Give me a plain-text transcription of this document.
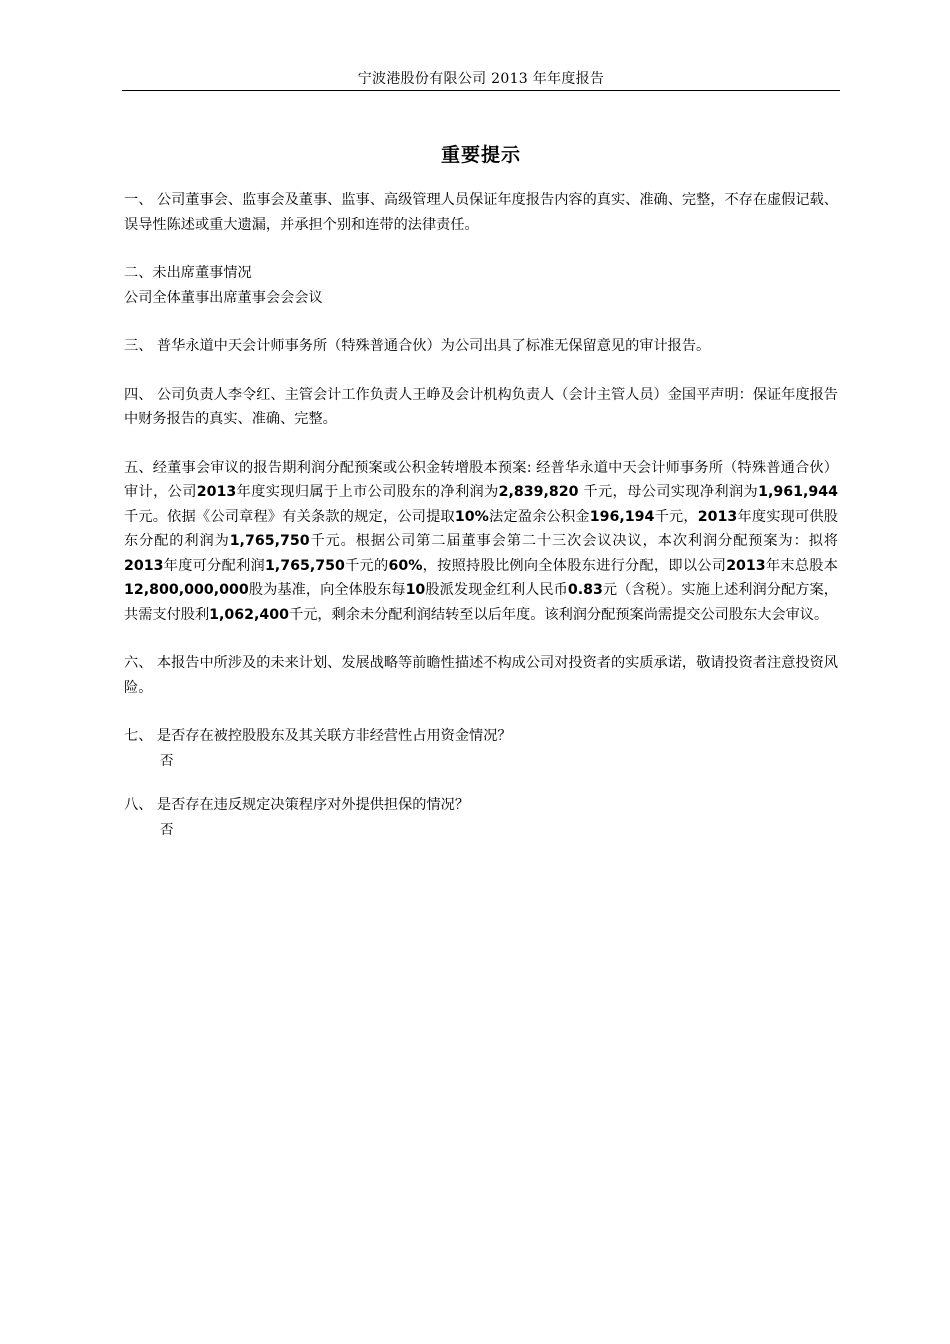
宁波港股份有限公司 2013 年年度报告
重要提示

一、 公司董事会、监事会及董事、监事、高级管理人员保证年度报告内容的真实、准确、完整，不存在虚假记载、误导性陈述或重大遗漏，并承担个别和连带的法律责任。

二、未出席董事情况

公司全体董事出席董事会会会议

三、 普华永道中天会计师事务所（特殊普通合伙）为公司出具了标准无保留意见的审计报告。

四、 公司负责人李令红、主管会计工作负责人王峥及会计机构负责人（会计主管人员）金国平声明：保证年度报告中财务报告的真实、准确、完整。

五、经董事会审议的报告期利润分配预案或公积金转增股本预案: 经普华永道中天会计师事务所（特殊普通合伙）审计，公司2013年度实现归属于上市公司股东的净利润为2,839,820 千元，母公司实现净利润为1,961,944千元。依据《公司章程》有关条款的规定，公司提取10%法定盈余公积金196,194千元，2013年度实现可供股东分配的利润为1,765,750千元。根据公司第二届董事会第二十三次会议决议，本次利润分配预案为：拟将2013年度可分配利润1,765,750千元的60%，按照持股比例向全体股东进行分配，即以公司2013年末总股本12,800,000,000股为基准，向全体股东每10股派发现金红利人民币0.83元（含税）。实施上述利润分配方案，共需支付股利1,062,400千元，剩余未分配利润结转至以后年度。该利润分配预案尚需提交公司股东大会审议。

六、 本报告中所涉及的未来计划、发展战略等前瞻性描述不构成公司对投资者的实质承诺，敬请投资者注意投资风险。

七、 是否存在被控股股东及其关联方非经营性占用资金情况？

否

八、 是否存在违反规定决策程序对外提供担保的情况？

否
